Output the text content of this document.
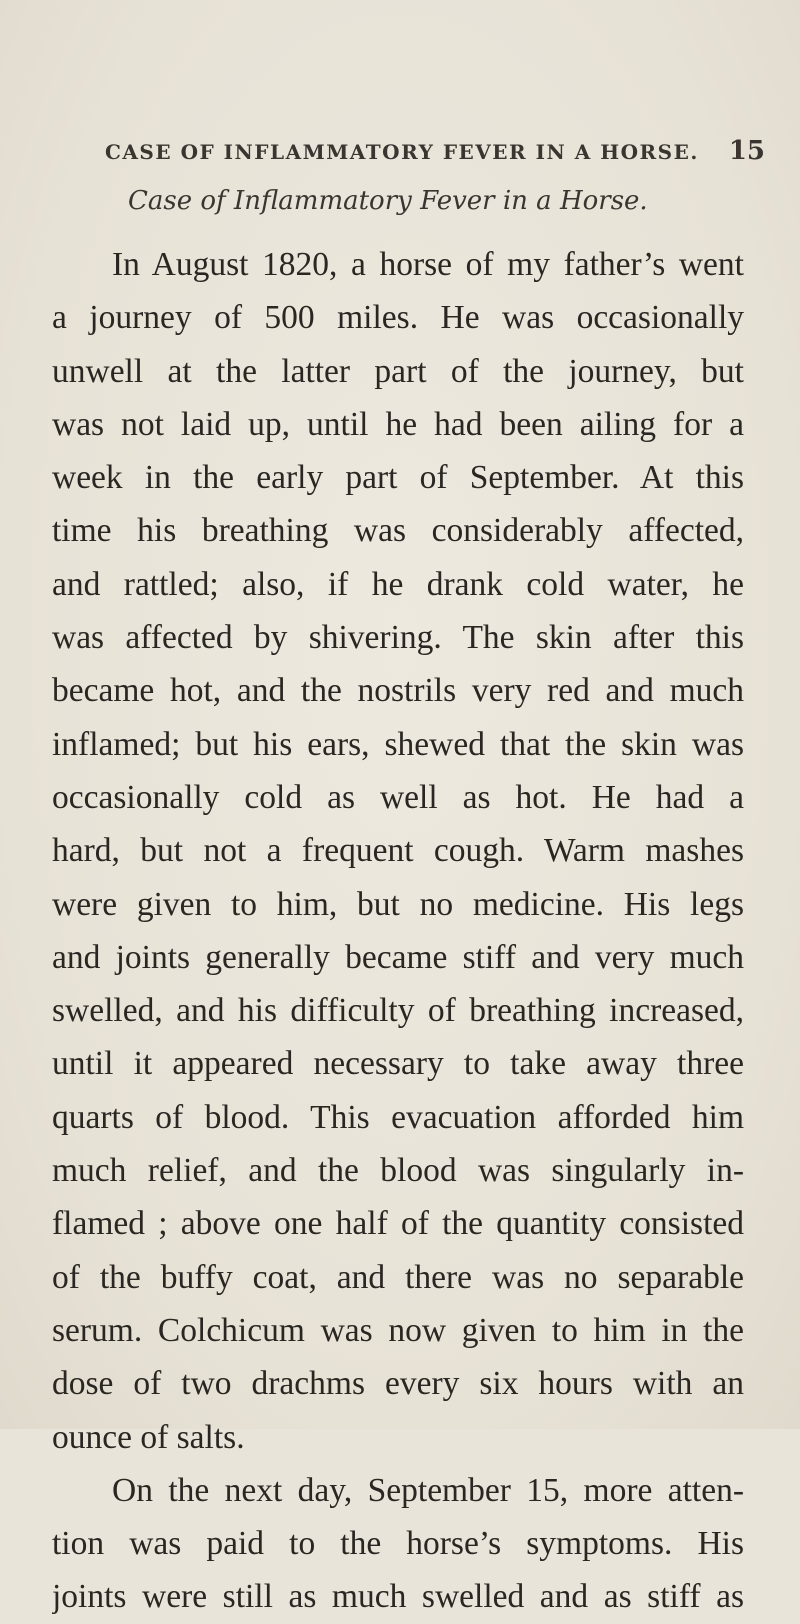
CASE OF INFLAMMATORY FEVER IN A HORSE. 15
Case of Inflammatory Fever in a Horse.
In August 1820, a horse of my father’s went
a journey of 500 miles. He was occasionally
unwell at the latter part of the journey, but
was not laid up, until he had been ailing for a
week in the early part of September. At this
time his breathing was considerably affected,
and rattled; also, if he drank cold water, he
was affected by shivering. The skin after this
became hot, and the nostrils very red and much
inflamed; but his ears, shewed that the skin was
occasionally cold as well as hot. He had a
hard, but not a frequent cough. Warm mashes
were given to him, but no medicine. His legs
and joints generally became stiff and very much
swelled, and his difficulty of breathing increased,
until it appeared necessary to take away three
quarts of blood. This evacuation afforded him
much relief, and the blood was singularly in-
flamed ; above one half of the quantity consisted
of the buffy coat, and there was no separable
serum. Colchicum was now given to him in the
dose of two drachms every six hours with an
ounce of salts.
On the next day, September 15, more atten-
tion was paid to the horse’s symptoms. His
joints were still as much swelled and as stiff as
